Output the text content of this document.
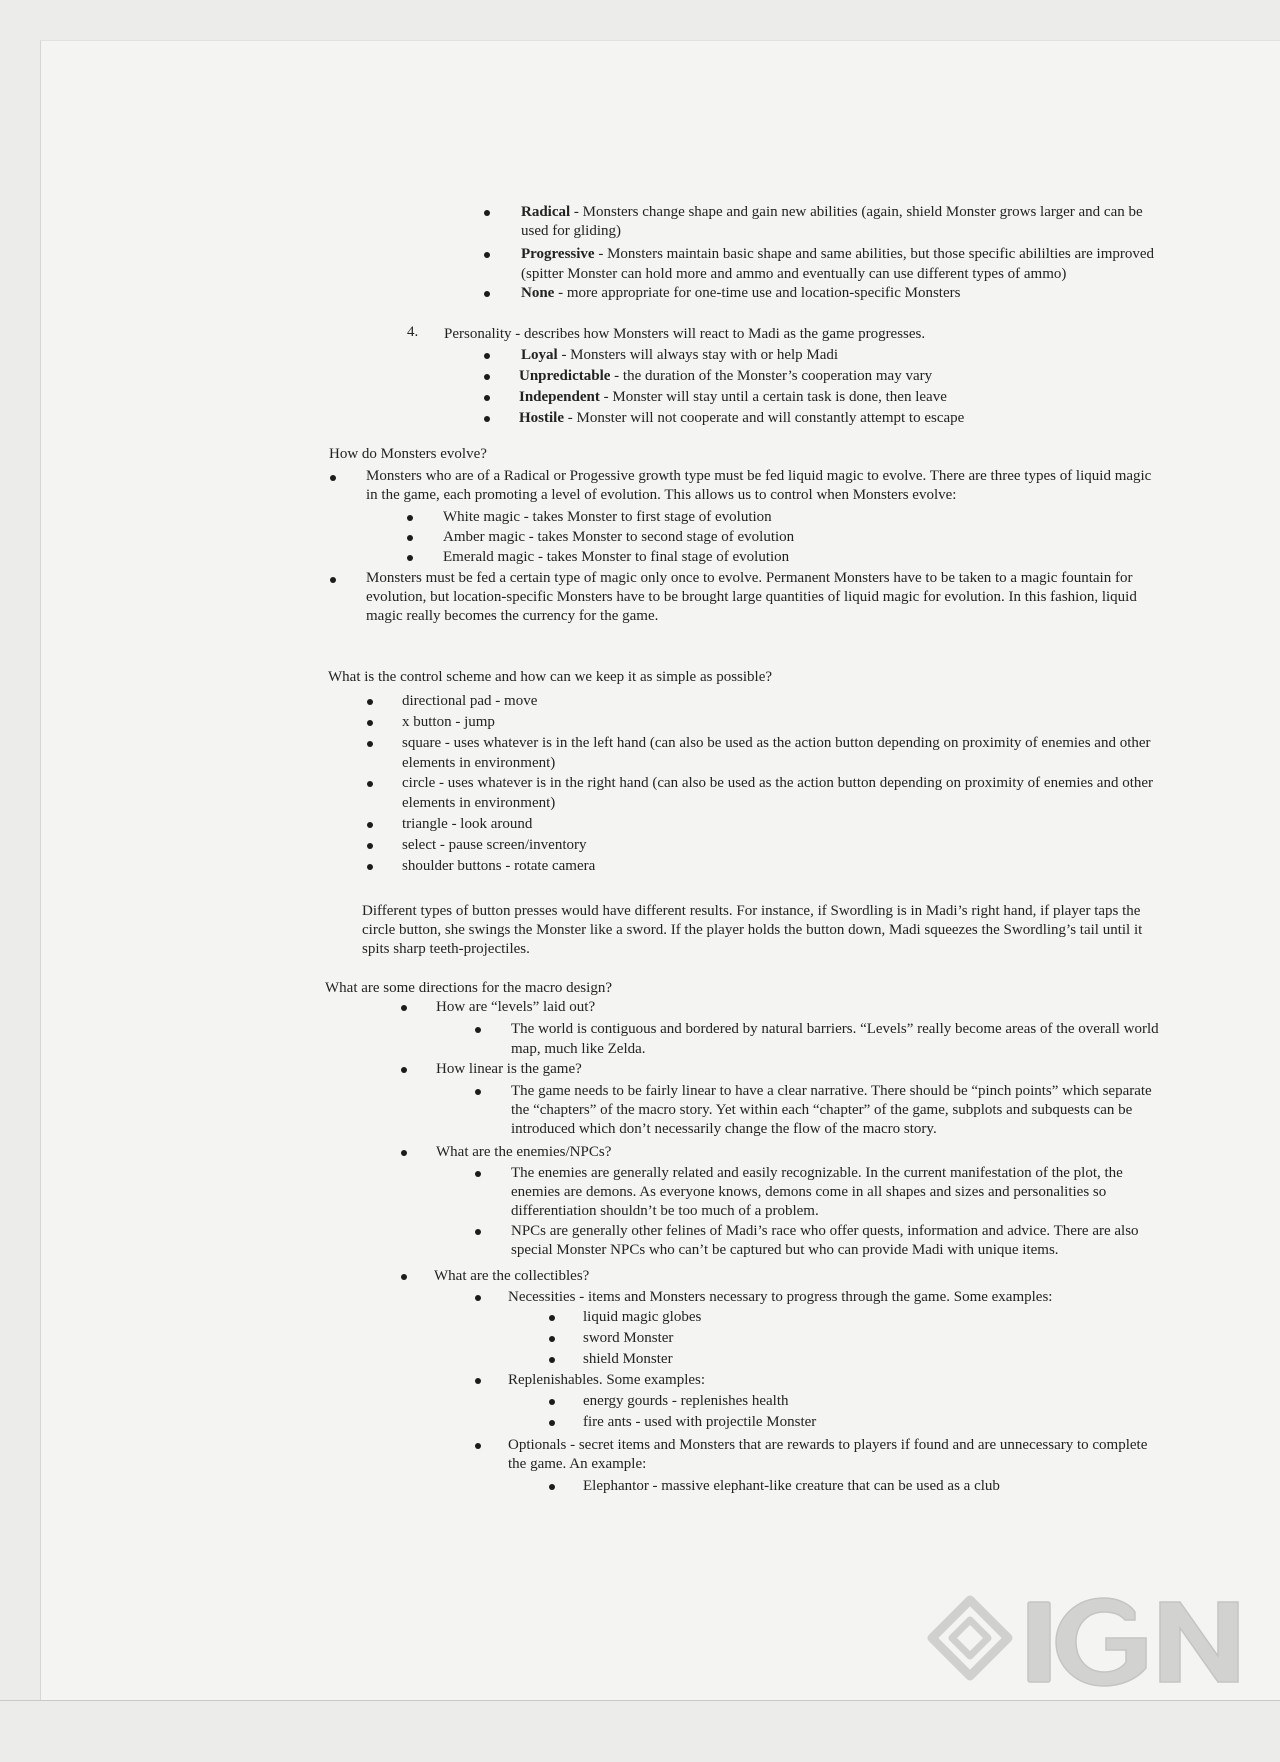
Radical - Monsters change shape and gain new abilities (again, shield Monster grows larger and can be
used for gliding)
Progressive - Monsters maintain basic shape and same abilities, but those specific abililties are improved
(spitter Monster can hold more and ammo and eventually can use different types of ammo)
None - more appropriate for one-time use and location-specific Monsters
4. Personality - describes how Monsters will react to Madi as the game progresses.
Loyal - Monsters will always stay with or help Madi
Unpredictable - the duration of the Monster’s cooperation may vary
Independent - Monster will stay until a certain task is done, then leave
Hostile - Monster will not cooperate and will constantly attempt to escape
How do Monsters evolve?
Monsters who are of a Radical or Progessive growth type must be fed liquid magic to evolve. There are three types of liquid magic
in the game, each promoting a level of evolution. This allows us to control when Monsters evolve:
White magic - takes Monster to first stage of evolution
Amber magic - takes Monster to second stage of evolution
Emerald magic - takes Monster to final stage of evolution
Monsters must be fed a certain type of magic only once to evolve. Permanent Monsters have to be taken to a magic fountain for
evolution, but location-specific Monsters have to be brought large quantities of liquid magic for evolution. In this fashion, liquid
magic really becomes the currency for the game.
What is the control scheme and how can we keep it as simple as possible?
directional pad - move
x button - jump
square - uses whatever is in the left hand (can also be used as the action button depending on proximity of enemies and other
elements in environment)
circle - uses whatever is in the right hand (can also be used as the action button depending on proximity of enemies and other
elements in environment)
triangle - look around
select - pause screen/inventory
shoulder buttons - rotate camera
Different types of button presses would have different results. For instance, if Swordling is in Madi’s right hand, if player taps the
circle button, she swings the Monster like a sword. If the player holds the button down, Madi squeezes the Swordling’s tail until it
spits sharp teeth-projectiles.
What are some directions for the macro design?
How are “levels” laid out?
The world is contiguous and bordered by natural barriers. “Levels” really become areas of the overall world
map, much like Zelda.
How linear is the game?
The game needs to be fairly linear to have a clear narrative. There should be “pinch points” which separate
the “chapters” of the macro story. Yet within each “chapter” of the game, subplots and subquests can be
introduced which don’t necessarily change the flow of the macro story.
What are the enemies/NPCs?
The enemies are generally related and easily recognizable. In the current manifestation of the plot, the
enemies are demons. As everyone knows, demons come in all shapes and sizes and personalities so
differentiation shouldn’t be too much of a problem.
NPCs are generally other felines of Madi’s race who offer quests, information and advice. There are also
special Monster NPCs who can’t be captured but who can provide Madi with unique items.
What are the collectibles?
Necessities - items and Monsters necessary to progress through the game. Some examples:
liquid magic globes
sword Monster
shield Monster
Replenishables. Some examples:
energy gourds - replenishes health
fire ants - used with projectile Monster
Optionals - secret items and Monsters that are rewards to players if found and are unnecessary to complete
the game. An example:
Elephantor - massive elephant-like creature that can be used as a club
